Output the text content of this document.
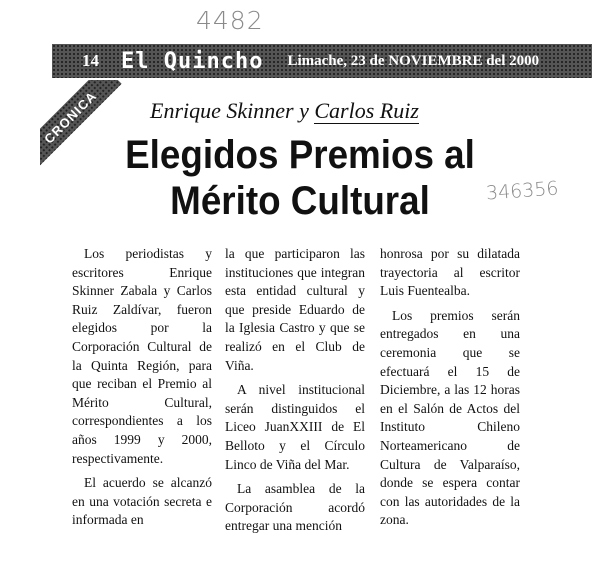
4482
346356
14 El Quincho Limache, 23 de NOVIEMBRE del 2000
CRONICA	Enrique Skinner y Carlos Ruiz
Elegidos Premios al
Mérito Cultural

Los periodistas y escritores Enrique Skinner Zabala y Carlos Ruiz Zaldívar, fueron elegidos por la Corporación Cultural de la Quinta Región, para que reciban el Premio al Mérito Cultural, correspondientes a los años 1999 y 2000, respectivamente.

El acuerdo se alcanzó en una votación secreta e informada en

la que participaron las instituciones que integran esta entidad cultural y que preside Eduardo de la Iglesia Castro y que se realizó en el Club de Viña.

A nivel institucional serán distinguidos el Liceo JuanXXIII de El Belloto y el Círculo Linco de Viña del Mar.

La asamblea de la Corporación acordó entregar una mención

honrosa por su dilatada trayectoria al escritor Luis Fuentealba.

Los premios serán entregados en una ceremonia que se efectuará el 15 de Diciembre, a las 12 horas en el Salón de Actos del Instituto Chileno Norteamericano de Cultura de Valparaíso, donde se espera contar con las autoridades de la zona.
